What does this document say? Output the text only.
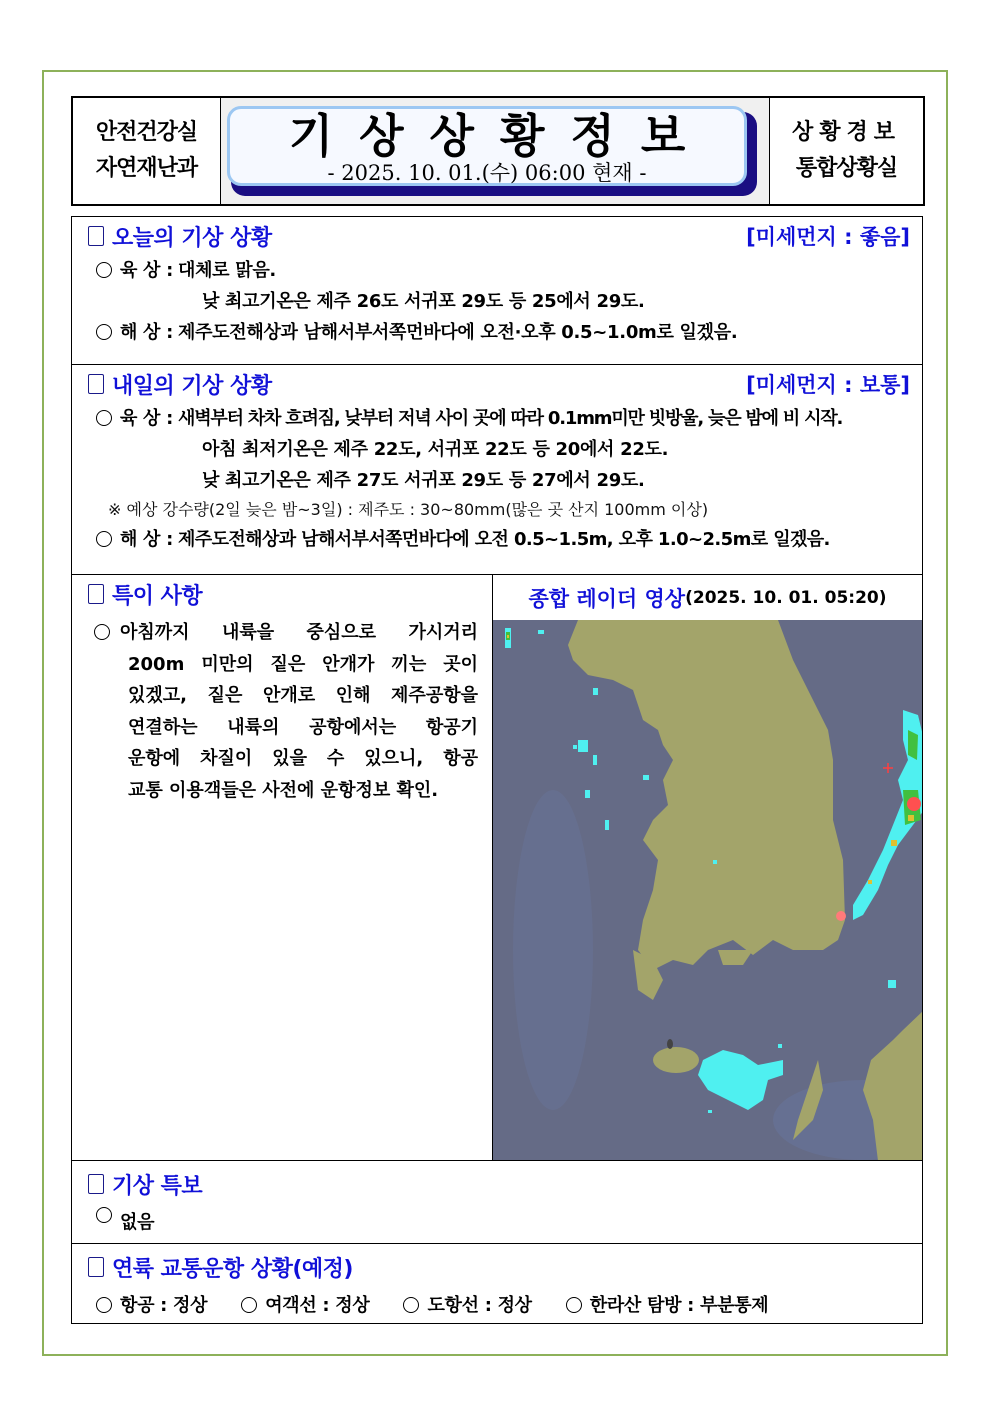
안전건강실
자연재난과
기상상황정보
- 2025. 10. 01.(수) 06:00 현재 -
상황경보
통합상황실
오늘의 기상 상황	[미세먼지 : 좋음]
육 상 : 대체로 맑음.
낮 최고기온은 제주 26도 서귀포 29도 등 25에서 29도.
해 상 : 제주도전해상과 남해서부서쪽먼바다에 오전·오후 0.5~1.0m로 일겠음.
내일의 기상 상황	[미세먼지 : 보통]
육 상 : 새벽부터 차차 흐려짐, 낮부터 저녁 사이 곳에 따라 0.1mm미만 빗방울, 늦은 밤에 비 시작.
아침 최저기온은 제주 22도, 서귀포 22도 등 20에서 22도.
낮 최고기온은 제주 27도 서귀포 29도 등 27에서 29도.
※ 예상 강수량(2일 늦은 밤~3일) : 제주도 : 30~80mm(많은 곳 산지 100mm 이상)
해 상 : 제주도전해상과 남해서부서쪽먼바다에 오전 0.5~1.5m, 오후 1.0~2.5m로 일겠음.
특이 사항
아침까지 내륙을 중심으로 가시거리
200m 미만의 짙은 안개가 끼는 곳이
있겠고, 짙은 안개로 인해 제주공항을
연결하는 내륙의 공항에서는 항공기
운항에 차질이 있을 수 있으니, 항공
교통 이용객들은 사전에 운항정보 확인.
종합 레이더 영상 (2025. 10. 01. 05:20)
기상 특보
없음
연륙 교통운항 상황(예정)
항공 : 정상	여객선 : 정상	도항선 : 정상	한라산 탐방 : 부분통제
